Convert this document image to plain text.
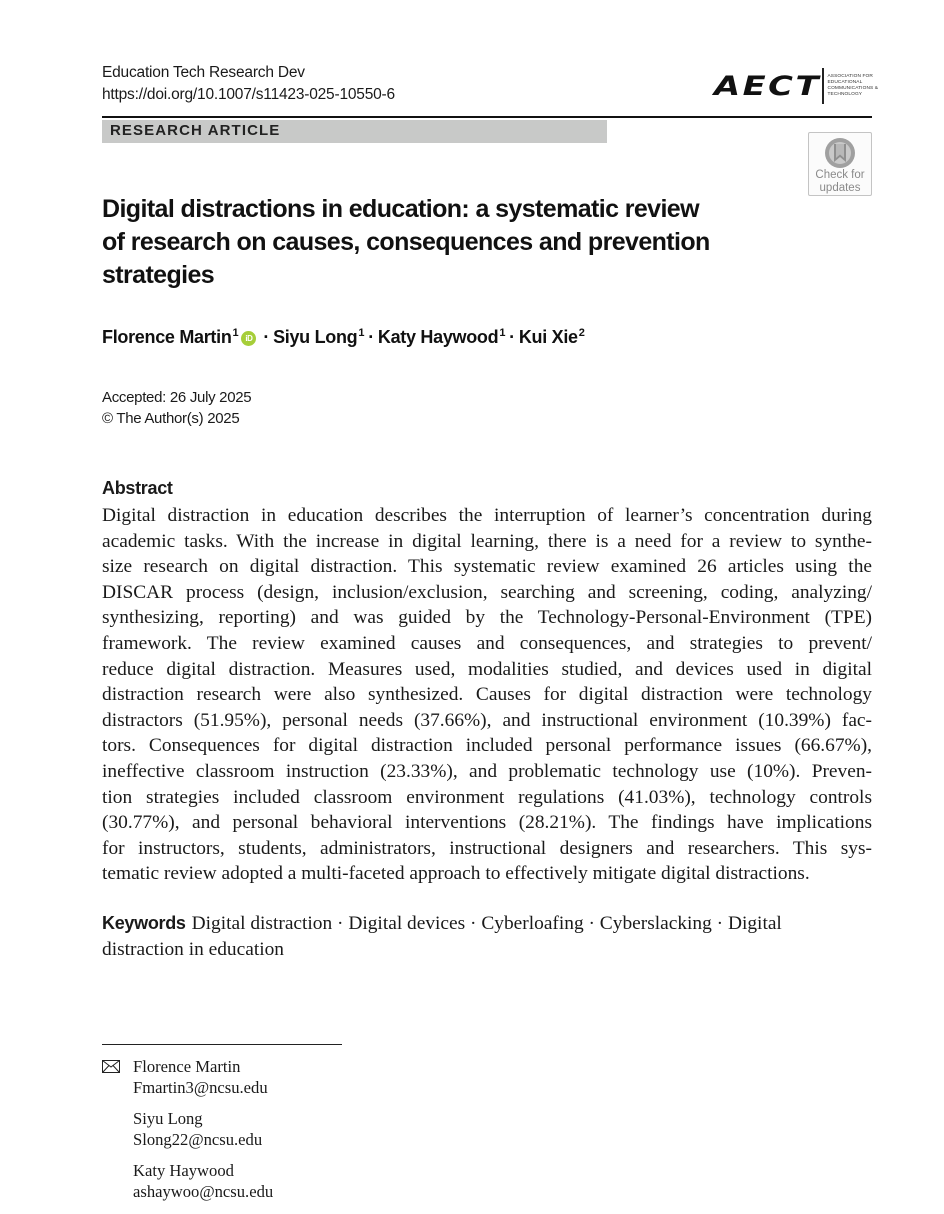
Education Tech Research Dev
https://doi.org/10.1007/s11423-025-10550-6	AECT	ASSOCIATION FOR EDUCATIONAL COMMUNICATIONS & TECHNOLOGY
RESEARCH ARTICLE
Check for
updates
Digital distractions in education: a systematic review
of research on causes, consequences and prevention
strategies
Florence Martin$^1$ iD · Siyu Long$^1$ · Katy Haywood$^1$ · Kui Xie$^2$
Accepted: 26 July 2025
© The Author(s) 2025
Abstract
Digital distraction in education describes the interruption of learner’s concentration during
academic tasks. With the increase in digital learning, there is a need for a review to synthe-
size research on digital distraction. This systematic review examined 26 articles using the
DISCAR process (design, inclusion/exclusion, searching and screening, coding, analyzing/
synthesizing, reporting) and was guided by the Technology-Personal-Environment (TPE)
framework. The review examined causes and consequences, and strategies to prevent/
reduce digital distraction. Measures used, modalities studied, and devices used in digital
distraction research were also synthesized. Causes for digital distraction were technology
distractors (51.95%), personal needs (37.66%), and instructional environment (10.39%) fac-
tors. Consequences for digital distraction included personal performance issues (66.67%),
ineffective classroom instruction (23.33%), and problematic technology use (10%). Preven-
tion strategies included classroom environment regulations (41.03%), technology controls
(30.77%), and personal behavioral interventions (28.21%). The findings have implications
for instructors, students, administrators, instructional designers and researchers. This sys-
tematic review adopted a multi-faceted approach to effectively mitigate digital distractions.
Keywords Digital distraction · Digital devices · Cyberloafing · Cyberslacking · Digital
distraction in education
Florence Martin
Fmartin3@ncsu.edu
Siyu Long
Slong22@ncsu.edu
Katy Haywood
ashaywoo@ncsu.edu
